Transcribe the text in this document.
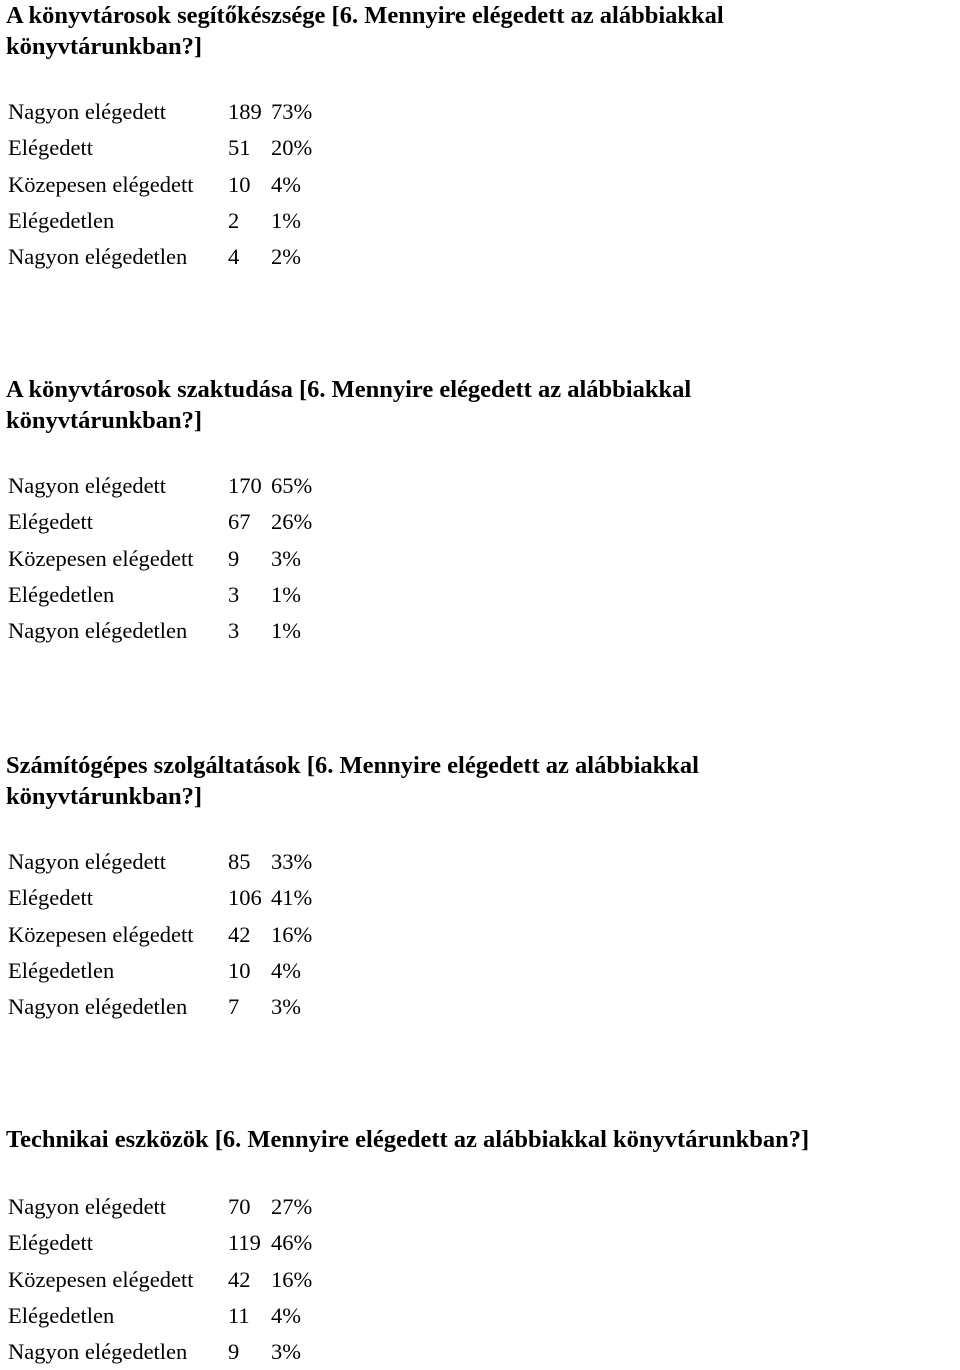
A könyvtárosok segítőkészsége [6. Mennyire elégedett az alábbiakkal könyvtárunkban?]
Nagyon elégedett	189	73%
Elégedett	51	20%
Közepesen elégedett	10	4%
Elégedetlen	2	1%
Nagyon elégedetlen	4	2%
A könyvtárosok szaktudása [6. Mennyire elégedett az alábbiakkal könyvtárunkban?]
Nagyon elégedett	170	65%
Elégedett	67	26%
Közepesen elégedett	9	3%
Elégedetlen	3	1%
Nagyon elégedetlen	3	1%
Számítógépes szolgáltatások [6. Mennyire elégedett az alábbiakkal könyvtárunkban?]
Nagyon elégedett	85	33%
Elégedett	106	41%
Közepesen elégedett	42	16%
Elégedetlen	10	4%
Nagyon elégedetlen	7	3%
Technikai eszközök [6. Mennyire elégedett az alábbiakkal könyvtárunkban?]
Nagyon elégedett	70	27%
Elégedett	119	46%
Közepesen elégedett	42	16%
Elégedetlen	11	4%
Nagyon elégedetlen	9	3%
